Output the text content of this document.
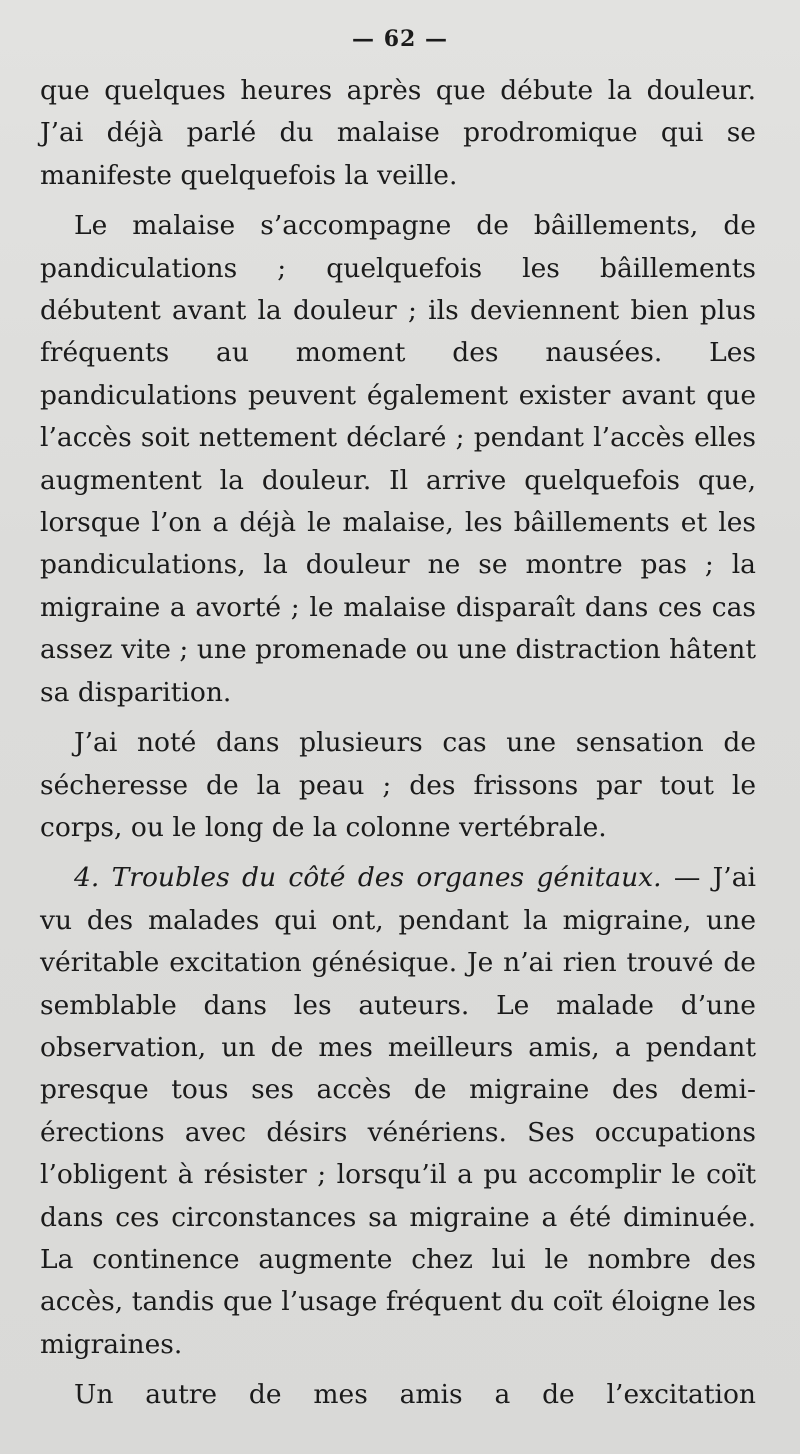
— 62 —

que quelques heures après que débute la douleur. J’ai déjà parlé du malaise prodromique qui se manifeste quelquefois la veille.

Le malaise s’accompagne de bâillements, de pandiculations ; quelquefois les bâillements débutent avant la douleur ; ils deviennent bien plus fréquents au moment des nausées. Les pandiculations peuvent également exister avant que l’accès soit nettement déclaré ; pendant l’accès elles augmentent la douleur. Il arrive quelquefois que, lorsque l’on a déjà le malaise, les bâillements et les pandiculations, la douleur ne se montre pas ; la migraine a avorté ; le malaise disparaît dans ces cas assez vite ; une promenade ou une distraction hâtent sa disparition.

J’ai noté dans plusieurs cas une sensation de sécheresse de la peau ; des frissons par tout le corps, ou le long de la colonne vertébrale.

4. Troubles du côté des organes génitaux. — J’ai vu des malades qui ont, pendant la migraine, une véritable excitation génésique. Je n’ai rien trouvé de semblable dans les auteurs. Le malade d’une observation, un de mes meilleurs amis, a pendant presque tous ses accès de migraine des demi-érections avec désirs vénériens. Ses occupations l’obligent à résister ; lorsqu’il a pu accomplir le coït dans ces circonstances sa migraine a été diminuée. La continence augmente chez lui le nombre des accès, tandis que l’usage fréquent du coït éloigne les migraines.

Un autre de mes amis a de l’excitation
